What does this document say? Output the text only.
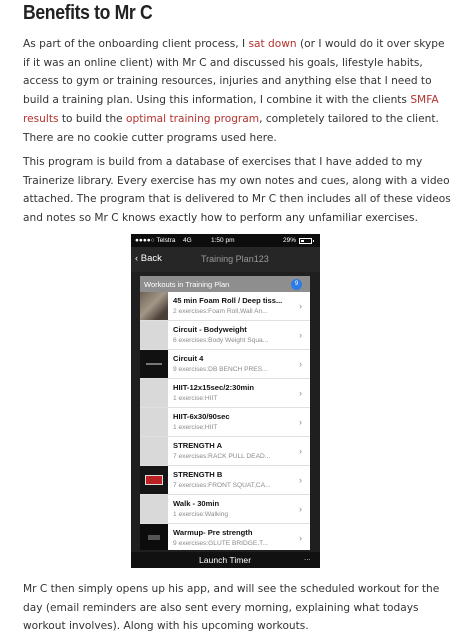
Benefits to Mr C

As part of the onboarding client process, I sat down (or I would do it over skype if it was an online client) with Mr C and discussed his goals, lifestyle habits, access to gym or training resources, injuries and anything else that I need to build a training plan. Using this information, I combine it with the clients SMFA results to build the optimal training program, completely tailored to the client. There are no cookie cutter programs used here.

This program is build from a database of exercises that I have added to my Trainerize library. Every exercise has my own notes and cues, along with a video attached. The program that is delivered to Mr C then includes all of these videos and notes so Mr C knows exactly how to perform any unfamiliar exercises.

●●●●○ Telstra 4G	1:50 pm	29%
‹ Back	Training Plan123
Workouts in Training Plan	9
45 min Foam Roll / Deep tiss...
2 exercises:Foam Roll,Wall An...
›
Circuit - Bodyweight
6 exercises:Body Weight Squa...
›
Circuit 4
9 exercises:DB BENCH PRES...
›
HIIT-12x15sec/2:30min
1 exercise:HIIT
›
HIIT-6x30/90sec
1 exercise:HIIT
›
STRENGTH A
7 exercises:RACK PULL DEAD...
›
STRENGTH B
7 exercises:FRONT SQUAT,CA...
›
Walk - 30min
1 exercise:Walking
›
Warmup- Pre strength
9 exercises:GLUTE BRIDGE,T...
›
Launch Timer	...

Mr C then simply opens up his app, and will see the scheduled workout for the day (email reminders are also sent every morning, explaining what todays workout involves). Along with his upcoming workouts.
